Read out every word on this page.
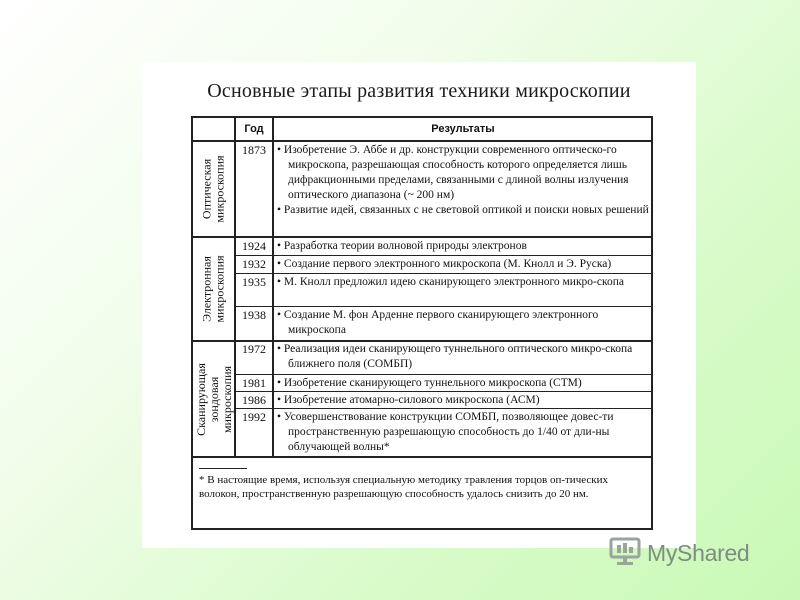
Основные этапы развития техники микроскопии
Год	Результаты
Оптическая микроскопия
Электронная микроскопия
Сканирующая зондовая микроскопия
1873 • Изобретение Э. Аббе и др. конструкции современного оптическо-го микроскопа, разрешающая способность которого определяется лишь дифракционными пределами, связанными с длиной волны излучения оптического диапазона (~ 200 нм)

• Развитие идей, связанных с не световой оптикой и поиски новых решений

1924 • Разработка теории волновой природы электронов

1932 • Создание первого электронного микроскопа (М. Кнолл и Э. Руска)

1935 • М. Кнолл предложил идею сканирующего электронного микро-скопа

1938 • Создание М. фон Арденне первого сканирующего электронного микроскопа

1972 • Реализация идеи сканирующего туннельного оптического микро-скопа ближнего поля (СОМБП)

1981 • Изобретение сканирующего туннельного микроскопа (СТМ)

1986 • Изобретение атомарно-силового микроскопа (АСМ)

1992 • Усовершенствование конструкции СОМБП, позволяющее довес-ти пространственную разрешающую способность до 1/40 от дли-ны облучающей волны*

* В настоящие время, используя специальную методику травления торцов оп-тических волокон, пространственную разрешающую способность удалось снизить до 20 нм.
MyShared
